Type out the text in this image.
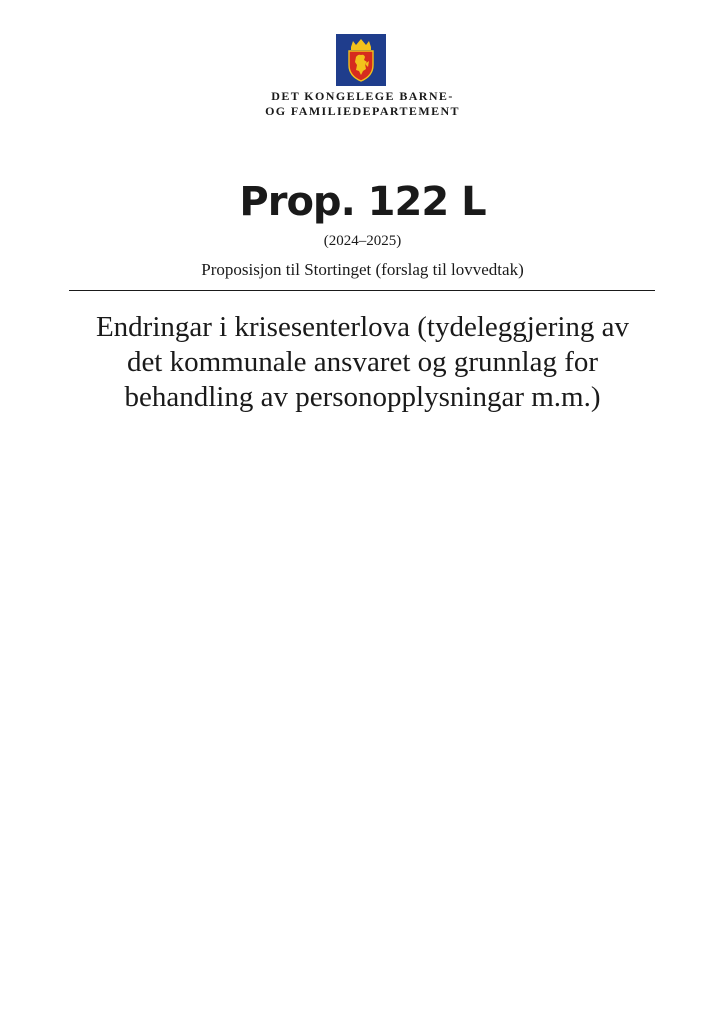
DET KONGELEGE BARNE-
OG FAMILIEDEPARTEMENT
Prop. 122 L
(2024–2025)
Proposisjon til Stortinget (forslag til lovvedtak)
Endringar i krisesenterlova (tydeleggjering av
det kommunale ansvaret og grunnlag for
behandling av personopplysningar m.m.)
